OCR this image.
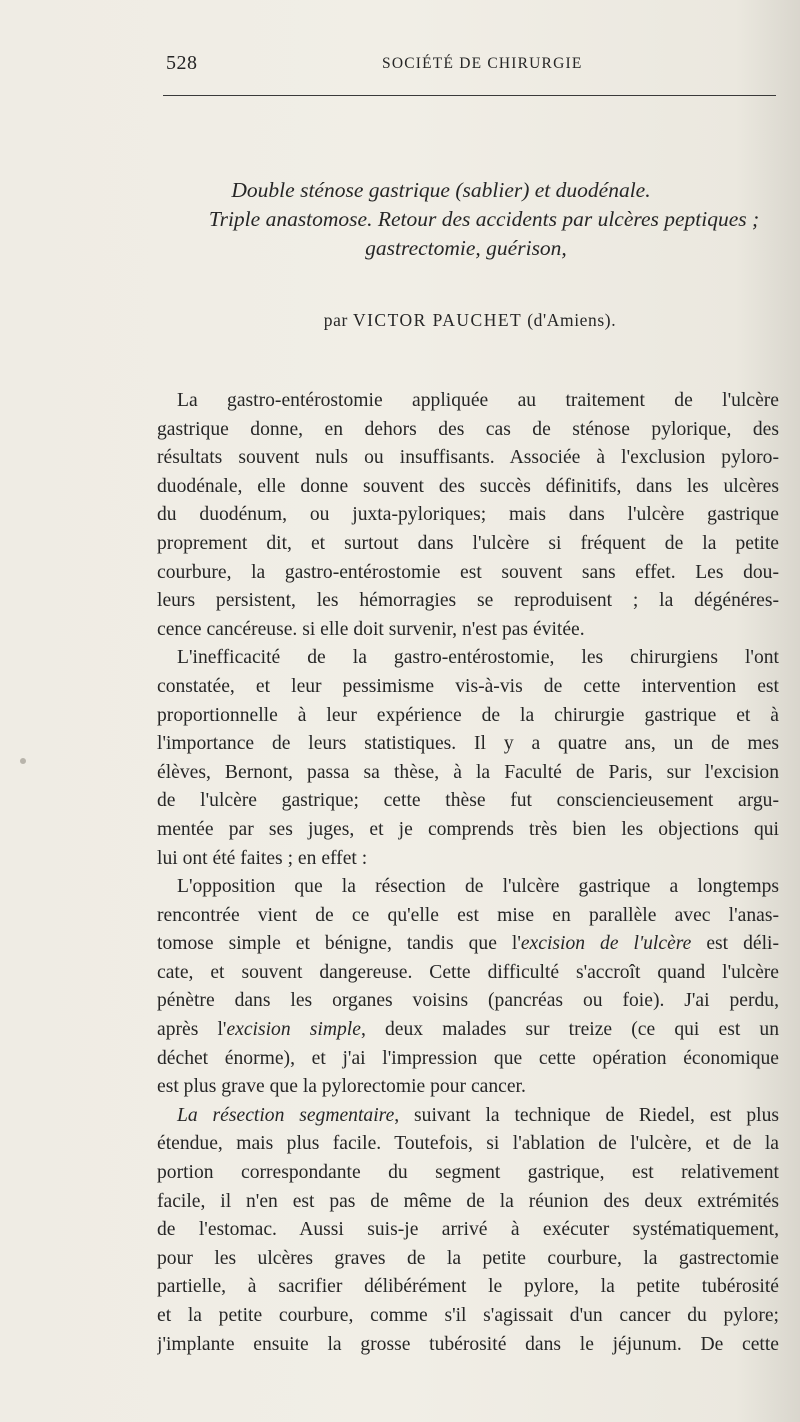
528	SOCIÉTÉ DE CHIRURGIE
Double sténose gastrique (sablier) et duodénale.
Triple anastomose. Retour des accidents par ulcères peptiques ;
gastrectomie, guérison,
par VICTOR PAUCHET (d'Amiens).
La gastro-entérostomie appliquée au traitement de l'ulcère
gastrique donne, en dehors des cas de sténose pylorique, des
résultats souvent nuls ou insuffisants. Associée à l'exclusion pyloro-
duodénale, elle donne souvent des succès définitifs, dans les ulcères
du duodénum, ou juxta-pyloriques; mais dans l'ulcère gastrique
proprement dit, et surtout dans l'ulcère si fréquent de la petite
courbure, la gastro-entérostomie est souvent sans effet. Les dou-
leurs persistent, les hémorragies se reproduisent ; la dégénéres-
cence cancéreuse. si elle doit survenir, n'est pas évitée.
L'inefficacité de la gastro-entérostomie, les chirurgiens l'ont
constatée, et leur pessimisme vis-à-vis de cette intervention est
proportionnelle à leur expérience de la chirurgie gastrique et à
l'importance de leurs statistiques. Il y a quatre ans, un de mes
élèves, Bernont, passa sa thèse, à la Faculté de Paris, sur l'excision
de l'ulcère gastrique; cette thèse fut consciencieusement argu-
mentée par ses juges, et je comprends très bien les objections qui
lui ont été faites ; en effet :
L'opposition que la résection de l'ulcère gastrique a longtemps
rencontrée vient de ce qu'elle est mise en parallèle avec l'anas-
tomose simple et bénigne, tandis que l'excision de l'ulcère est déli-
cate, et souvent dangereuse. Cette difficulté s'accroît quand l'ulcère
pénètre dans les organes voisins (pancréas ou foie). J'ai perdu,
après l'excision simple, deux malades sur treize (ce qui est un
déchet énorme), et j'ai l'impression que cette opération économique
est plus grave que la pylorectomie pour cancer.
La résection segmentaire, suivant la technique de Riedel, est plus
étendue, mais plus facile. Toutefois, si l'ablation de l'ulcère, et de la
portion correspondante du segment gastrique, est relativement
facile, il n'en est pas de même de la réunion des deux extrémités
de l'estomac. Aussi suis-je arrivé à exécuter systématiquement,
pour les ulcères graves de la petite courbure, la gastrectomie
partielle, à sacrifier délibérément le pylore, la petite tubérosité
et la petite courbure, comme s'il s'agissait d'un cancer du pylore;
j'implante ensuite la grosse tubérosité dans le jéjunum. De cette
